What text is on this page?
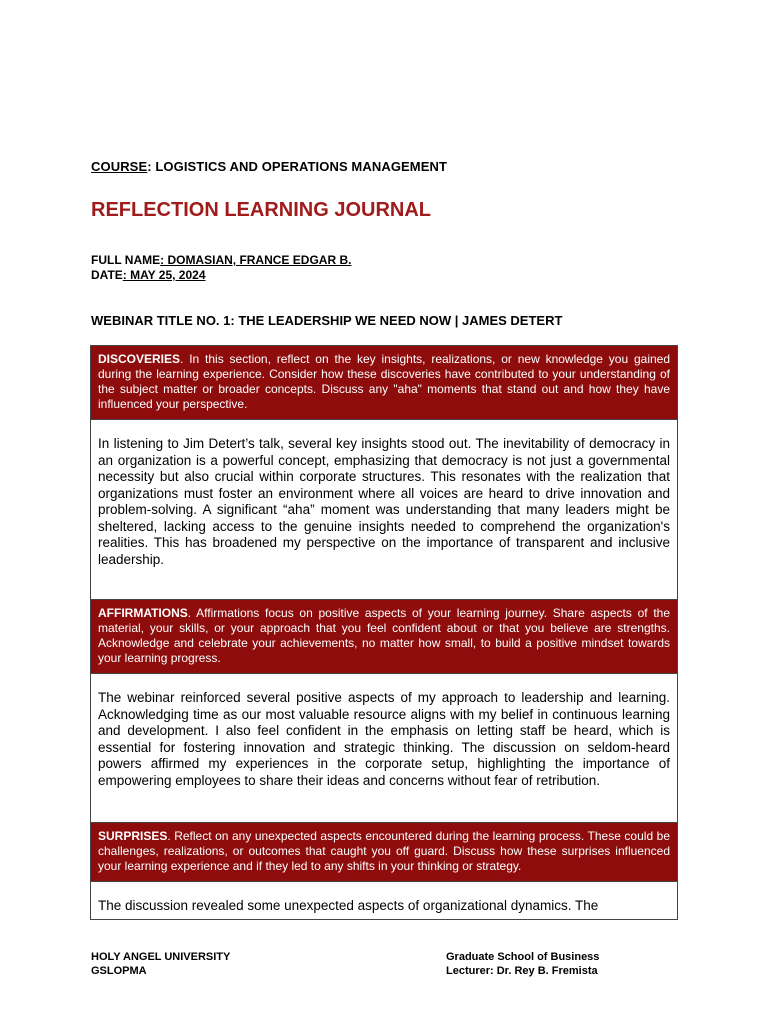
COURSE: LOGISTICS AND OPERATIONS MANAGEMENT
REFLECTION LEARNING JOURNAL
FULL NAME: DOMASIAN, FRANCE EDGAR B.
DATE: MAY 25, 2024
WEBINAR TITLE NO. 1: THE LEADERSHIP WE NEED NOW | JAMES DETERT
DISCOVERIES. In this section, reflect on the key insights, realizations, or new knowledge you gained during the learning experience. Consider how these discoveries have contributed to your understanding of the subject matter or broader concepts. Discuss any "aha" moments that stand out and how they have influenced your perspective.
In listening to Jim Detert’s talk, several key insights stood out. The inevitability of democracy in an organization is a powerful concept, emphasizing that democracy is not just a governmental necessity but also crucial within corporate structures. This resonates with the realization that organizations must foster an environment where all voices are heard to drive innovation and problem-solving. A significant “aha” moment was understanding that many leaders might be sheltered, lacking access to the genuine insights needed to comprehend the organization's realities. This has broadened my perspective on the importance of transparent and inclusive leadership.
AFFIRMATIONS. Affirmations focus on positive aspects of your learning journey. Share aspects of the material, your skills, or your approach that you feel confident about or that you believe are strengths. Acknowledge and celebrate your achievements, no matter how small, to build a positive mindset towards your learning progress.
The webinar reinforced several positive aspects of my approach to leadership and learning. Acknowledging time as our most valuable resource aligns with my belief in continuous learning and development. I also feel confident in the emphasis on letting staff be heard, which is essential for fostering innovation and strategic thinking. The discussion on seldom-heard powers affirmed my experiences in the corporate setup, highlighting the importance of empowering employees to share their ideas and concerns without fear of retribution.
SURPRISES. Reflect on any unexpected aspects encountered during the learning process. These could be challenges, realizations, or outcomes that caught you off guard. Discuss how these surprises influenced your learning experience and if they led to any shifts in your thinking or strategy.
The discussion revealed some unexpected aspects of organizational dynamics. The
HOLY ANGEL UNIVERSITY
GSLOPMA
Graduate School of Business
Lecturer: Dr. Rey B. Fremista
